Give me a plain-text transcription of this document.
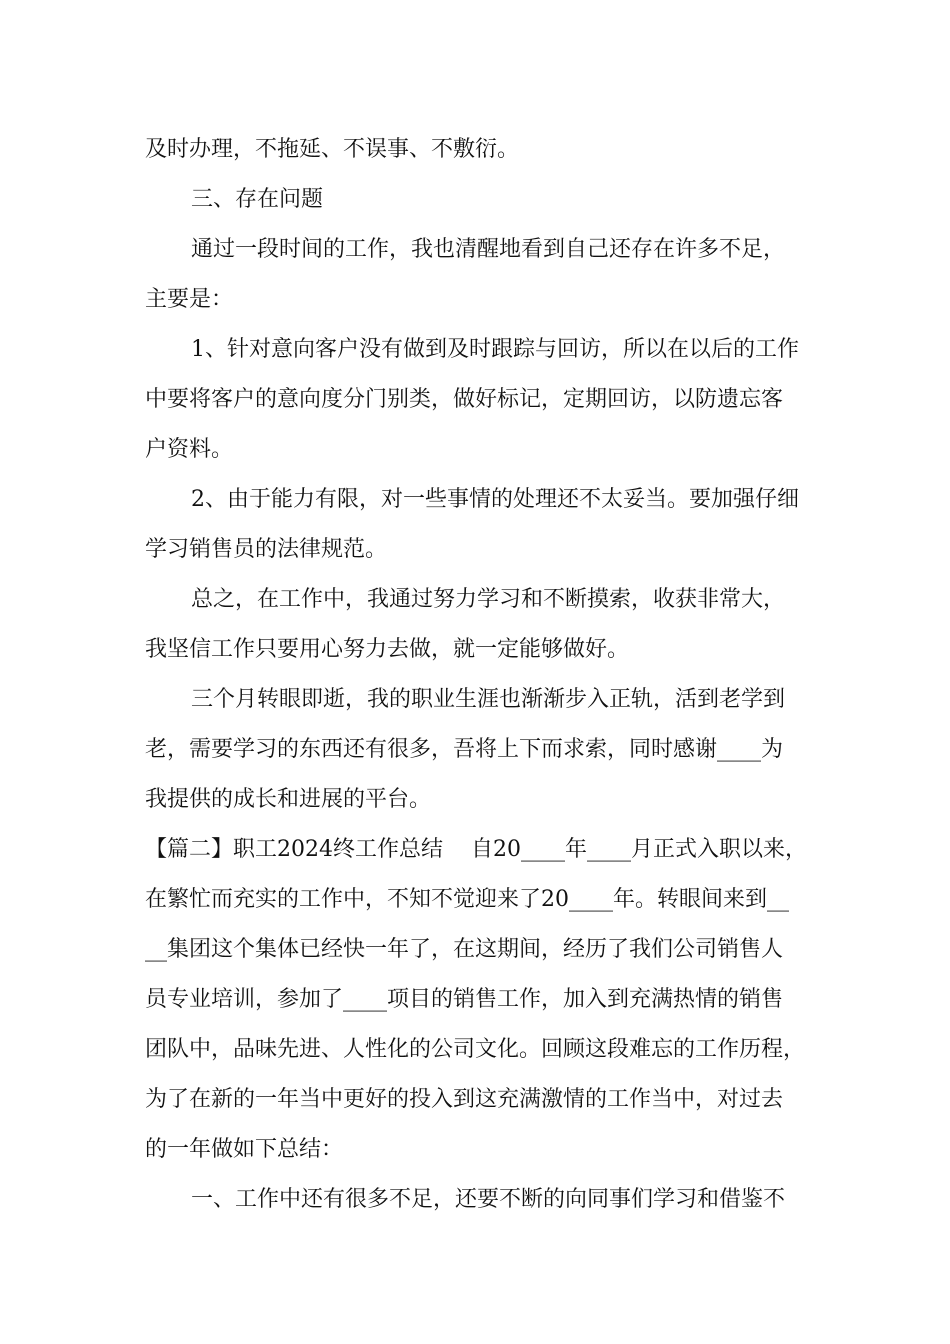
及时办理，不拖延、不误事、不敷衍。
三、存在问题
通过一段时间的工作，我也清醒地看到自己还存在许多不足，
主要是：
1、针对意向客户没有做到及时跟踪与回访，所以在以后的工作
中要将客户的意向度分门别类，做好标记，定期回访，以防遗忘客
户资料。
2、由于能力有限，对一些事情的处理还不太妥当。要加强仔细
学习销售员的法律规范。
总之，在工作中，我通过努力学习和不断摸索，收获非常大，
我坚信工作只要用心努力去做，就一定能够做好。
三个月转眼即逝，我的职业生涯也渐渐步入正轨，活到老学到
老，需要学习的东西还有很多，吾将上下而求索，同时感谢____为
我提供的成长和进展的平台。
【篇二】职工2024终工作总结    自20____年____月正式入职以来，
在繁忙而充实的工作中，不知不觉迎来了20____年。转眼间来到__
__集团这个集体已经快一年了，在这期间，经历了我们公司销售人
员专业培训，参加了____项目的销售工作，加入到充满热情的销售
团队中，品味先进、人性化的公司文化。回顾这段难忘的工作历程，
为了在新的一年当中更好的投入到这充满激情的工作当中，对过去
的一年做如下总结：
一、工作中还有很多不足，还要不断的向同事们学习和借鉴不
